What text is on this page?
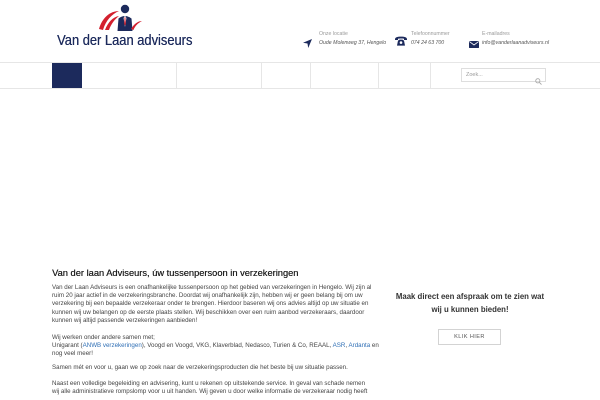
Van der Laan adviseurs	Onze locatie
Oude Molenweg 37, Hengelo
Telefoonnummer
074 24 63 700
E-mailadres
info@vanderlaanadviseurs.nl
Zoek...
Van der laan Adviseurs, úw tussenpersoon in verzekeringen

Van der Laan Adviseurs is een onafhankelijke tussenpersoon op het gebied van verzekeringen in Hengelo. Wij zijn al
ruim 20 jaar actief in de verzekeringsbranche. Doordat wij onafhankelijk zijn, hebben wij er geen belang bij om uw
verzekering bij een bepaalde verzekeraar onder te brengen. Hierdoor baseren wij ons advies altijd op uw situatie en
kunnen wij uw belangen op de eerste plaats stellen. Wij beschikken over een ruim aanbod verzekeraars, daardoor
kunnen wij altijd passende verzekeringen aanbieden!

Wij werken onder andere samen met;
Unigarant (ANWB verzekeringen), Voogd en Voogd, VKG, Klaverblad, Nedasco, Turien & Co, REAAL, ASR, Ardanta en
nog veel meer!

Samen mét en voor u, gaan we op zoek naar de verzekeringsproducten die het beste bij uw situatie passen.

Naast een volledige begeleiding en advisering, kunt u rekenen op uitstekende service. In geval van schade nemen
wij alle administratieve rompslomp voor u uit handen. Wij geven u door welke informatie de verzekeraar nodig heeft

Maak direct een afspraak om te zien wat
wij u kunnen bieden!
KLIK HIER
